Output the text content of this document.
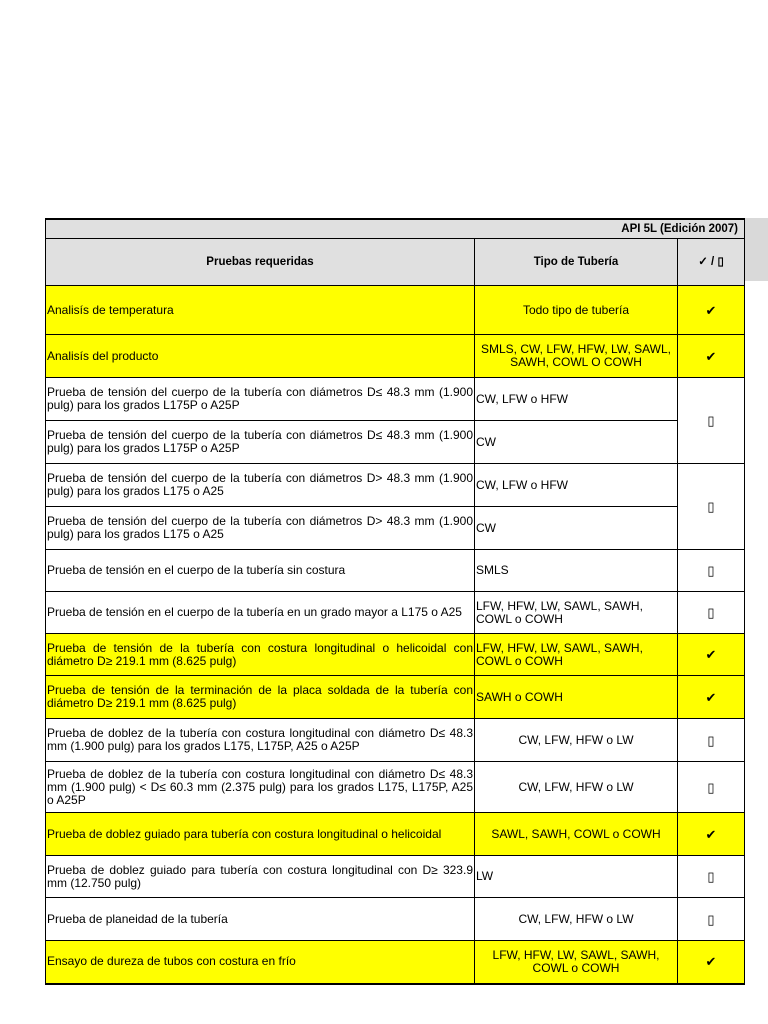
API 5L (Edición 2007)		
Pruebas requeridas	Tipo de Tubería	✓ / ▯
Analisís de temperatura	Todo tipo de tubería	✔
Analisís del producto	SMLS, CW, LFW, HFW, LW, SAWL, SAWH, COWL O COWH	✔
Prueba de tensión del cuerpo de la tubería con diámetros D≤ 48.3 mm (1.900 pulg) para los grados L175P o A25P	CW, LFW o HFW	▯
Prueba de tensión del cuerpo de la tubería con diámetros D≤ 48.3 mm (1.900 pulg) para los grados L175P o A25P	CW	
Prueba de tensión del cuerpo de la tubería con diámetros D> 48.3 mm (1.900 pulg) para los grados L175 o A25	CW, LFW o HFW	▯
Prueba de tensión del cuerpo de la tubería con diámetros D> 48.3 mm (1.900 pulg) para los grados L175 o A25	CW	
Prueba de tensión en el cuerpo de la tubería sin costura	SMLS	▯
Prueba de tensión en el cuerpo de la tubería en un grado mayor a L175 o A25	LFW, HFW, LW, SAWL, SAWH, COWL o COWH	▯
Prueba de tensión de la tubería con costura longitudinal o helicoidal con diámetro D≥ 219.1 mm (8.625 pulg)	LFW, HFW, LW, SAWL, SAWH, COWL o COWH	✔
Prueba de tensión de la terminación de la placa soldada de la tubería con diámetro D≥ 219.1 mm (8.625 pulg)	SAWH o COWH	✔
Prueba de doblez de la tubería con costura longitudinal con diámetro D≤ 48.3 mm (1.900 pulg) para los grados L175, L175P, A25 o A25P	CW, LFW, HFW o LW	▯
Prueba de doblez de la tubería con costura longitudinal con diámetro D≤ 48.3 mm (1.900 pulg) < D≤ 60.3 mm (2.375 pulg) para los grados L175, L175P, A25 o A25P	CW, LFW, HFW o LW	▯
Prueba de doblez guiado para tubería con costura longitudinal o helicoidal	SAWL, SAWH, COWL o COWH	✔
Prueba de doblez guiado para tubería con costura longitudinal con D≥ 323.9 mm (12.750 pulg)	LW	▯
Prueba de planeidad de la tubería	CW, LFW, HFW o LW	▯
Ensayo de dureza de tubos con costura en frío	LFW, HFW, LW, SAWL, SAWH, COWL o COWH	✔
